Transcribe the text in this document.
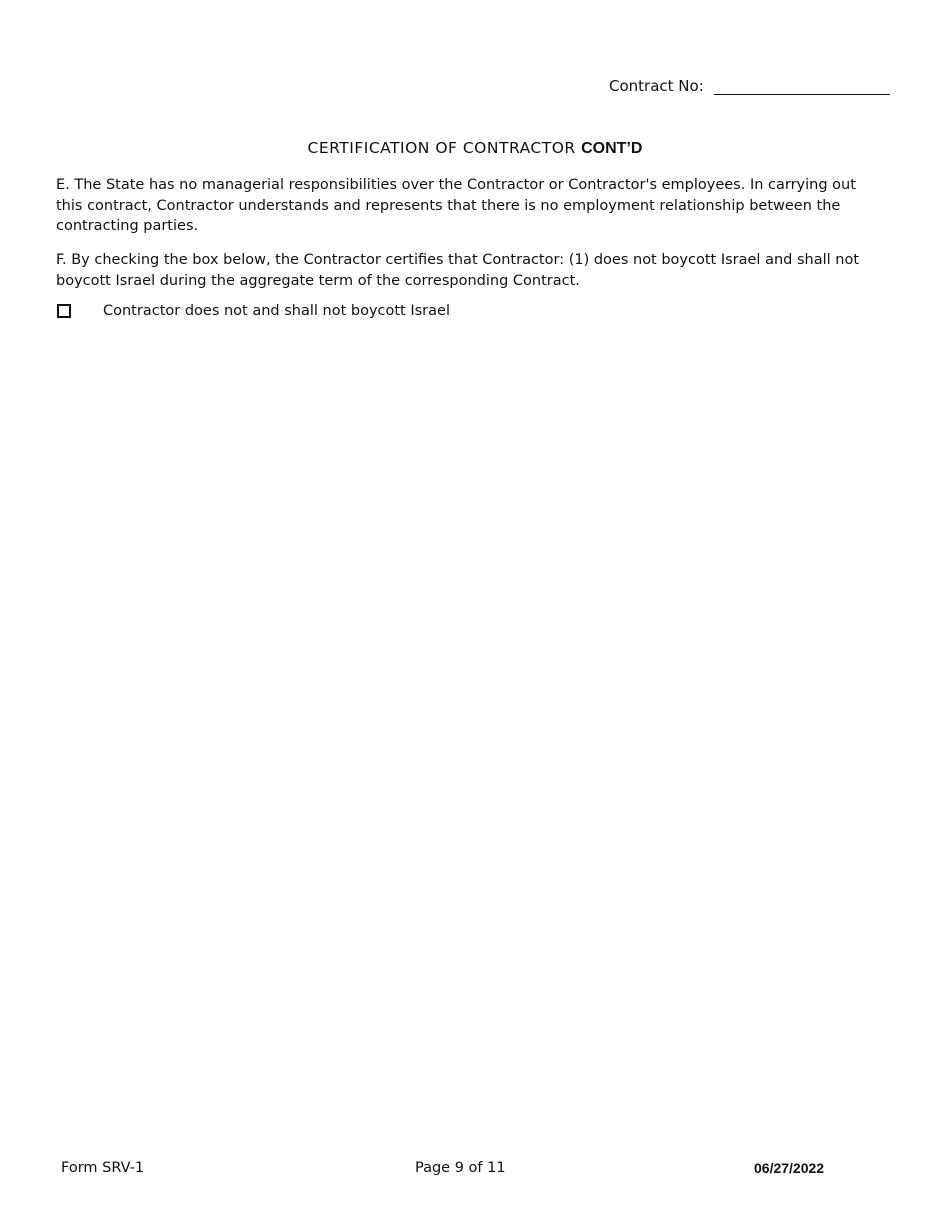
Contract No:
CERTIFICATION OF CONTRACTOR CONT’D
E. The State has no managerial responsibilities over the Contractor or Contractor's employees. In carrying out this contract, Contractor understands and represents that there is no employment relationship between the contracting parties.
F. By checking the box below, the Contractor certifies that Contractor: (1) does not boycott Israel and shall not boycott Israel during the aggregate term of the corresponding Contract.
Contractor does not and shall not boycott Israel
Form SRV-1	Page 9 of 11	06/27/2022
